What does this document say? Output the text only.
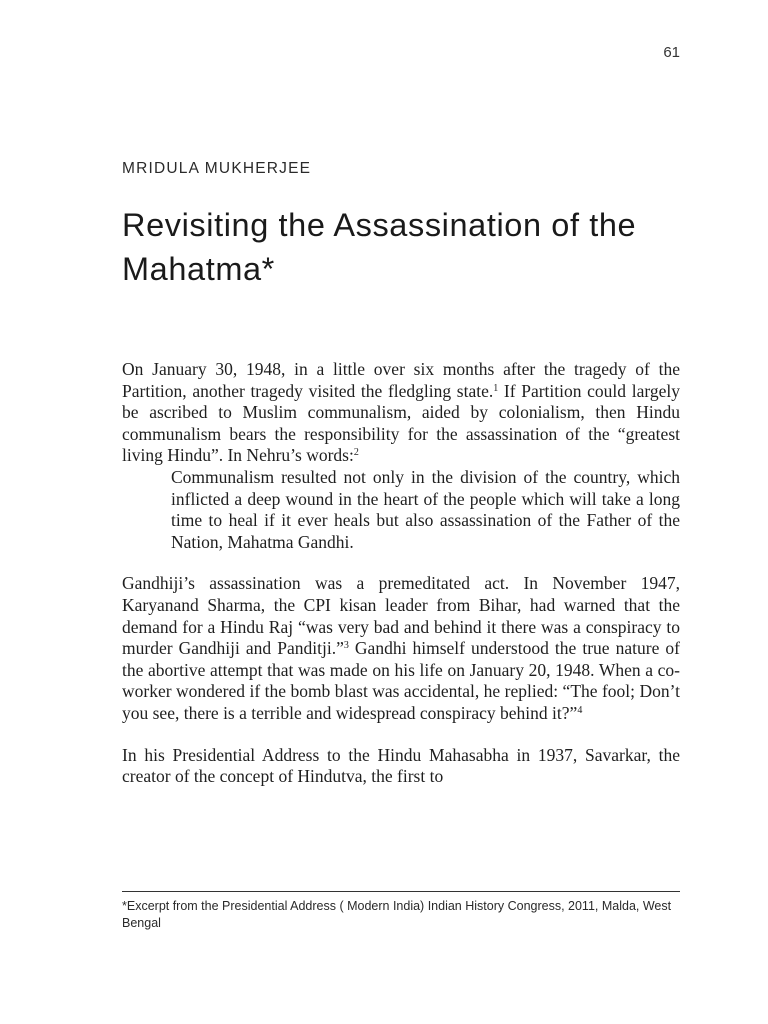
61
MRIDULA MUKHERJEE
Revisiting the Assassination of the Mahatma*

On January 30, 1948, in a little over six months after the tragedy of the Partition, another tragedy visited the fledgling state.$^1$ If Partition could largely be ascribed to Muslim communalism, aided by colonialism, then Hindu communalism bears the responsibility for the assassination of the “greatest living Hindu”. In Nehru’s words:$^2$

Communalism resulted not only in the division of the country, which inflicted a deep wound in the heart of the people which will take a long time to heal if it ever heals but also assassination of the Father of the Nation, Mahatma Gandhi.

Gandhiji’s assassination was a premeditated act. In November 1947, Karyanand Sharma, the CPI kisan leader from Bihar, had warned that the demand for a Hindu Raj “was very bad and behind it there was a conspiracy to murder Gandhiji and Panditji.”$^3$ Gandhi himself understood the true nature of the abortive attempt that was made on his life on January 20, 1948. When a co-worker wondered if the bomb blast was accidental, he replied: “The fool; Don’t you see, there is a terrible and widespread conspiracy behind it?”$^4$

In his Presidential Address to the Hindu Mahasabha in 1937, Savarkar, the creator of the concept of Hindutva, the first to

*Excerpt from the Presidential Address ( Modern India) Indian History Congress, 2011, Malda, West Bengal
